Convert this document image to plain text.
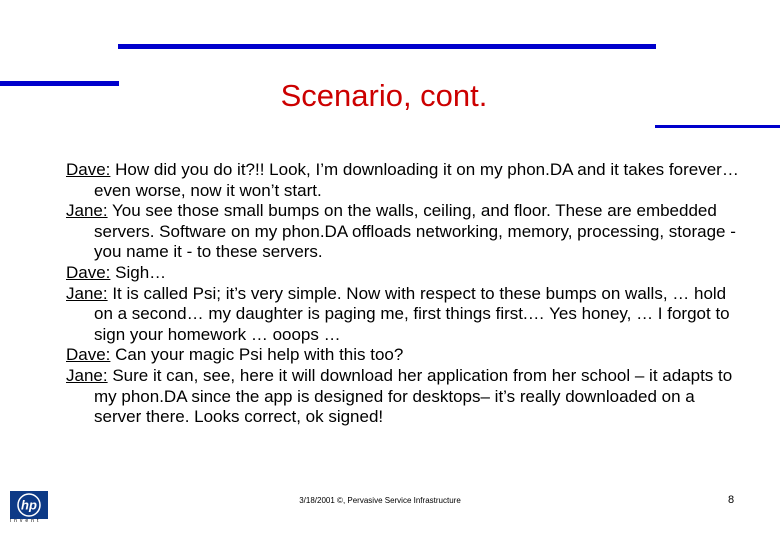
Scenario, cont.

Dave: How did you do it?!! Look, I’m downloading it on my phon.DA and it takes forever… even worse, now it won’t start.

Jane: You see those small bumps on the walls, ceiling, and floor. These are embedded servers. Software on my phon.DA offloads networking, memory, processing, storage - you name it - to these servers.

Dave: Sigh…

Jane: It is called Psi; it’s very simple. Now with respect to these bumps on walls, … hold on a second… my daughter is paging me, first things first.… Yes honey, … I forgot to sign your homework … ooops …

Dave: Can your magic Psi help with this too?

Jane: Sure it can, see, here it will download her application from her school – it adapts to my phon.DA since the app is designed for desktops– it’s really downloaded on a server there. Looks correct, ok signed!

hp
invent
3/18/2001 ©, Pervasive Service Infrastructure	8
